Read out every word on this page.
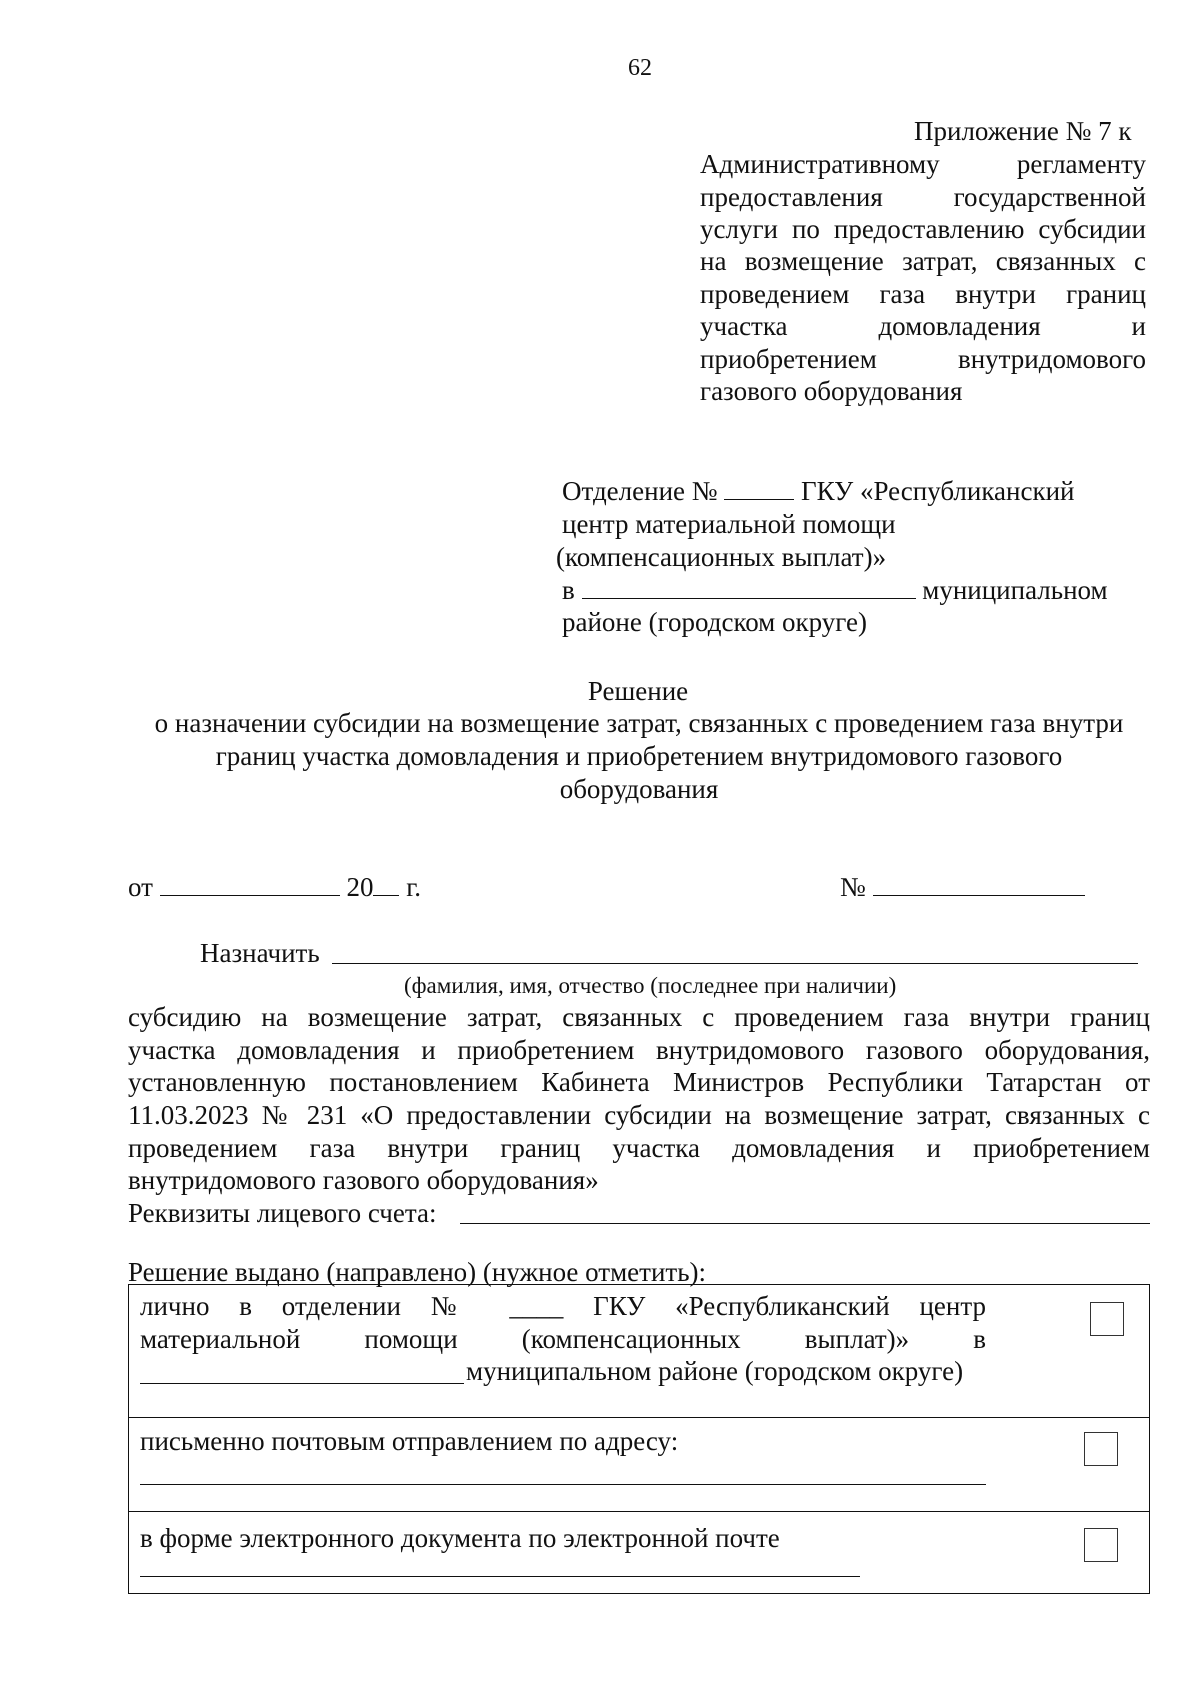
62
Приложение № 7 к
Административному регламенту
предоставления государственной
услуги по предоставлению субсидии
на возмещение затрат, связанных с
проведением газа внутри границ
участка домовладения и
приобретением внутридомового
газового оборудования
Отделение №	ГКУ «Республиканский
центр материальной помощи
(компенсационных выплат)»
в	муниципальном
районе (городском округе)
Решение
о назначении субсидии на возмещение затрат, связанных с проведением газа внутри
границ участка домовладения и приобретением внутридомового газового
оборудования
от	20 г.	№
Назначить
(фамилия, имя, отчество (последнее при наличии)
субсидию на возмещение затрат, связанных с проведением газа внутри границ
участка домовладения и приобретением внутридомового газового оборудования,
установленную постановлением Кабинета Министров Республики Татарстан от
11.03.2023 № 231 «О предоставлении субсидии на возмещение затрат, связанных с
проведением газа внутри границ участка домовладения и приобретением
внутридомового газового оборудования»
Реквизиты лицевого счета:
Решение выдано (направлено) (нужное отметить):
лично в отделении № ____ ГКУ «Республиканский центр
материальной помощи (компенсационных выплат)» в
муниципальном районе (городском округе)
письменно почтовым отправлением по адресу:
в форме электронного документа по электронной почте
